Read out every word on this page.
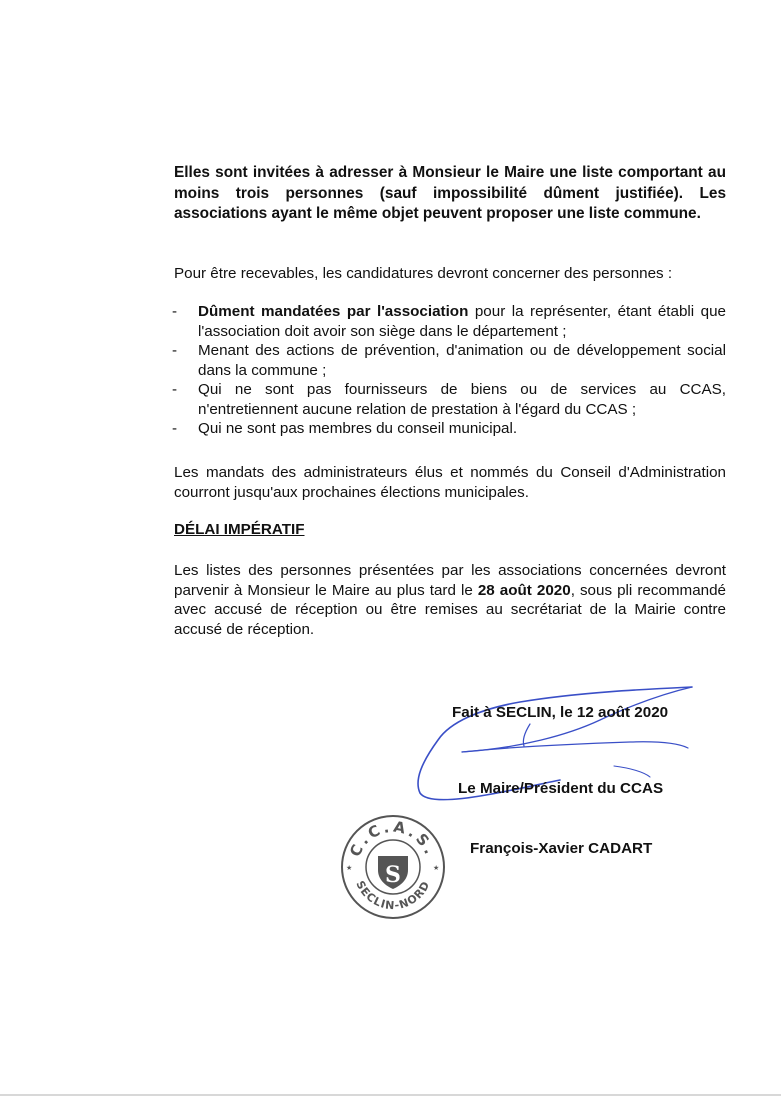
Elles sont invitées à adresser à Monsieur le Maire une liste comportant au moins trois personnes (sauf impossibilité dûment justifiée). Les associations ayant le même objet peuvent proposer une liste commune.

Pour être recevables, les candidatures devront concerner des personnes :

- Dûment mandatées par l'association pour la représenter, étant établi que l'association doit avoir son siège dans le département ;
- Menant des actions de prévention, d'animation ou de développement social dans la commune ;
- Qui ne sont pas fournisseurs de biens ou de services au CCAS, n'entretiennent aucune relation de prestation à l'égard du CCAS ;
- Qui ne sont pas membres du conseil municipal.

Les mandats des administrateurs élus et nommés du Conseil d'Administration courront jusqu'aux prochaines élections municipales.

DÉLAI IMPÉRATIF

Les listes des personnes présentées par les associations concernées devront parvenir à Monsieur le Maire au plus tard le 28 août 2020, sous pli recommandé avec accusé de réception ou être remises au secrétariat de la Mairie contre accusé de réception.

Fait à SECLIN, le 12 août 2020
Le Maire/Président du CCAS
François-Xavier CADART
C.C.A.S.
SECLIN-NORD
★	★
S
